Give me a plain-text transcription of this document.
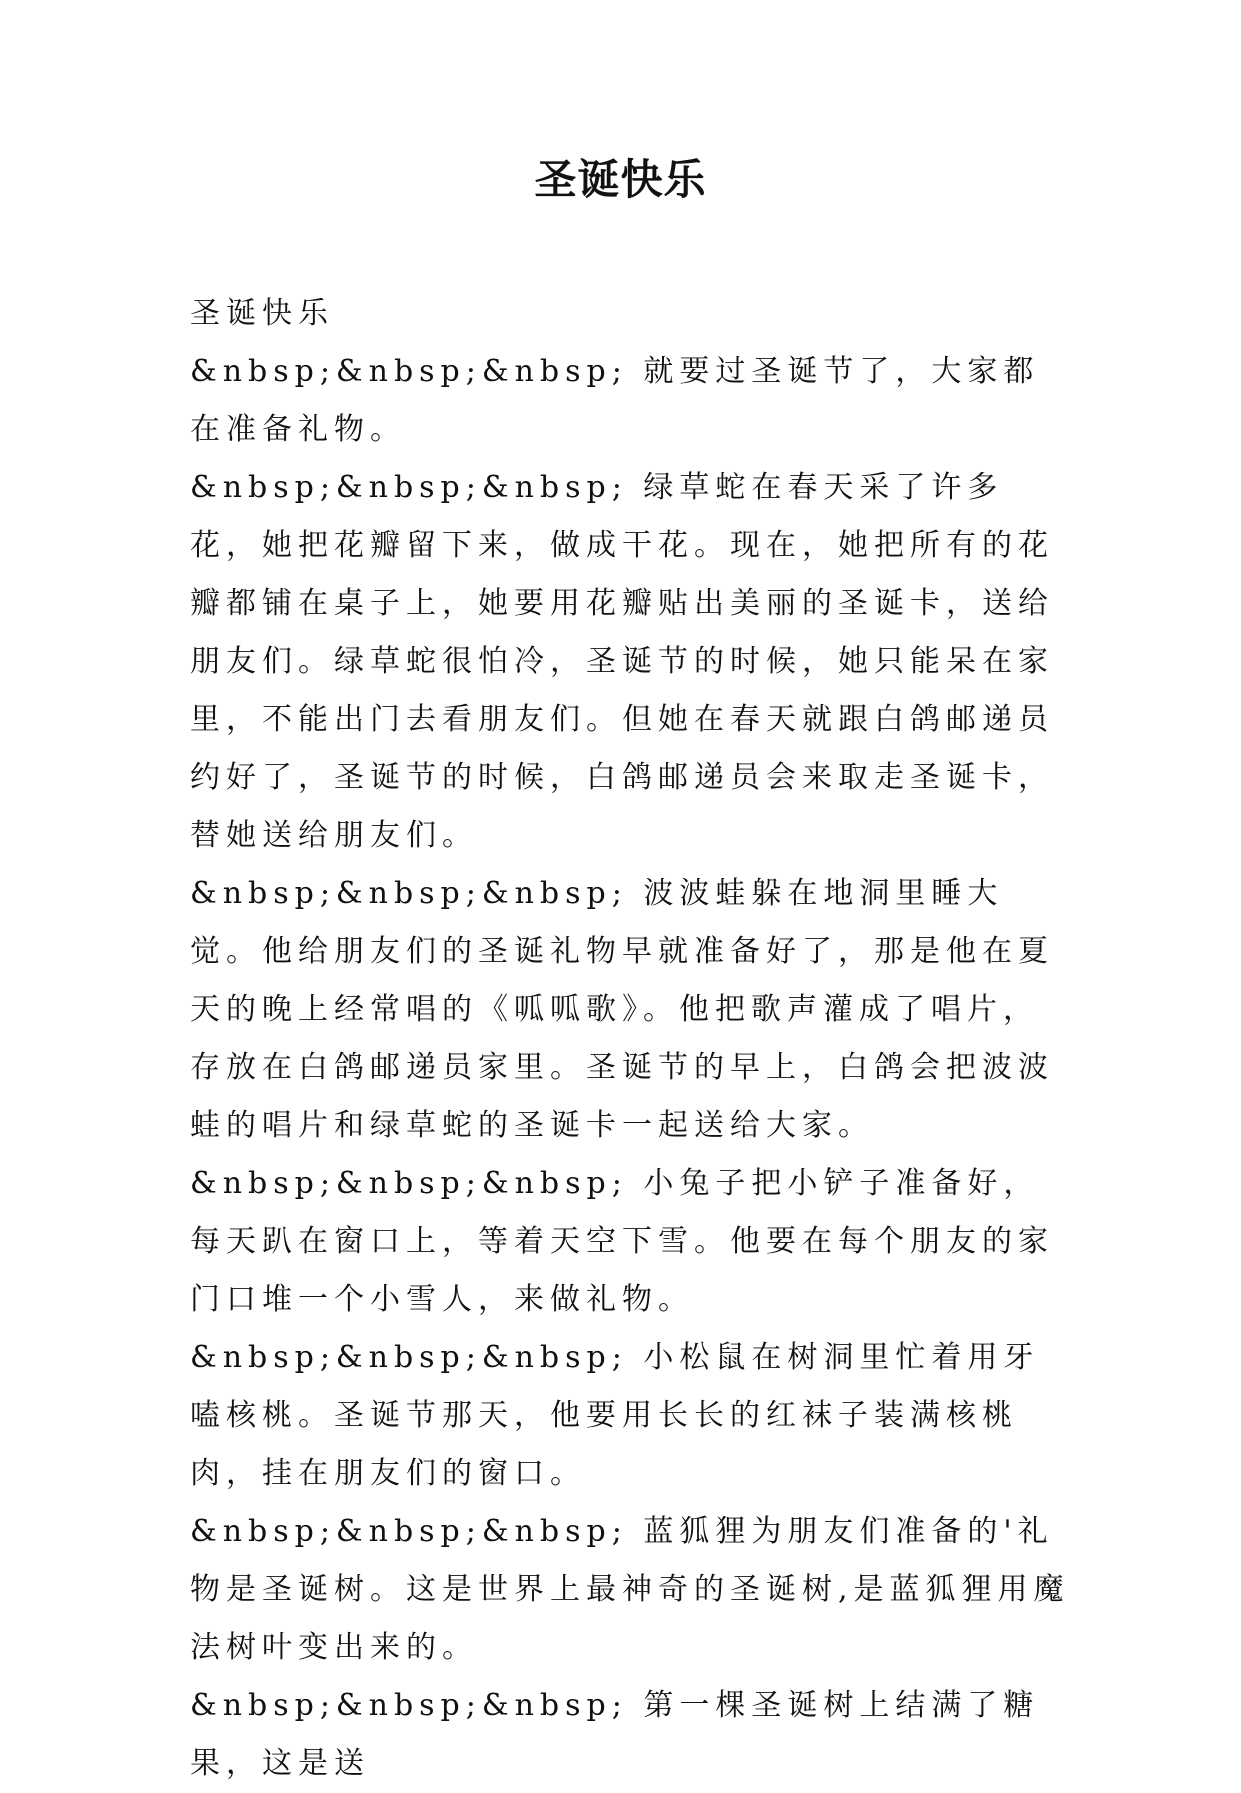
圣诞快乐

圣诞快乐

&nbsp;&nbsp;&nbsp; 就要过圣诞节了，大家都在准备礼物。

&nbsp;&nbsp;&nbsp; 绿草蛇在春天采了许多花，她把花瓣留下来，做成干花。现在，她把所有的花瓣都铺在桌子上，她要用花瓣贴出美丽的圣诞卡，送给朋友们。绿草蛇很怕冷，圣诞节的时候，她只能呆在家里，不能出门去看朋友们。但她在春天就跟白鸽邮递员约好了，圣诞节的时候，白鸽邮递员会来取走圣诞卡，替她送给朋友们。

&nbsp;&nbsp;&nbsp; 波波蛙躲在地洞里睡大觉。他给朋友们的圣诞礼物早就准备好了，那是他在夏天的晚上经常唱的《呱呱歌》。他把歌声灌成了唱片，存放在白鸽邮递员家里。圣诞节的早上，白鸽会把波波蛙的唱片和绿草蛇的圣诞卡一起送给大家。

&nbsp;&nbsp;&nbsp; 小兔子把小铲子准备好，每天趴在窗口上，等着天空下雪。他要在每个朋友的家门口堆一个小雪人，来做礼物。

&nbsp;&nbsp;&nbsp; 小松鼠在树洞里忙着用牙嗑核桃。圣诞节那天，他要用长长的红袜子装满核桃肉，挂在朋友们的窗口。

&nbsp;&nbsp;&nbsp; 蓝狐狸为朋友们准备的'礼物是圣诞树。这是世界上最神奇的圣诞树,是蓝狐狸用魔法树叶变出来的。

&nbsp;&nbsp;&nbsp; 第一棵圣诞树上结满了糖果，这是送
